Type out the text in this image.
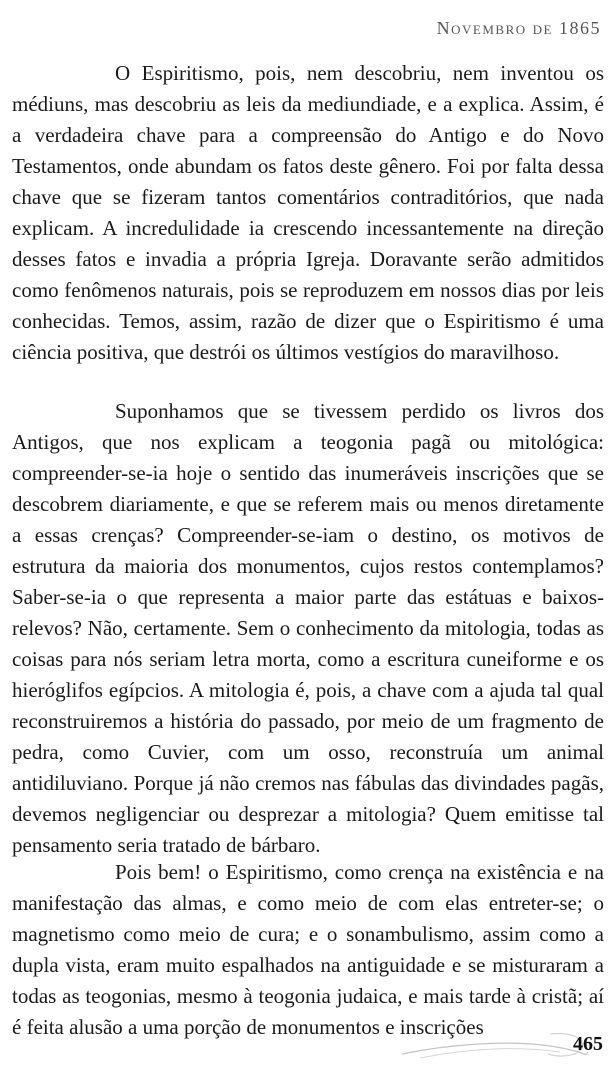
Novembro de 1865

O Espiritismo, pois, nem descobriu, nem inventou os médiuns, mas descobriu as leis da mediundiade, e a explica. Assim, é a verdadeira chave para a compreensão do Antigo e do Novo Testamentos, onde abundam os fatos deste gênero. Foi por falta dessa chave que se fizeram tantos comentários contraditórios, que nada explicam. A incredulidade ia crescendo incessantemente na direção desses fatos e invadia a própria Igreja. Doravante serão admitidos como fenômenos naturais, pois se reproduzem em nossos dias por leis conhecidas. Temos, assim, razão de dizer que o Espiritismo é uma ciência positiva, que destrói os últimos vestígios do maravilhoso.

Suponhamos que se tivessem perdido os livros dos Antigos, que nos explicam a teogonia pagã ou mitológica: compreender-se-ia hoje o sentido das inumeráveis inscrições que se descobrem diariamente, e que se referem mais ou menos diretamente a essas crenças? Compreender-se-iam o destino, os motivos de estrutura da maioria dos monumentos, cujos restos contemplamos? Saber-se-ia o que representa a maior parte das estátuas e baixos-relevos? Não, certamente. Sem o conhecimento da mitologia, todas as coisas para nós seriam letra morta, como a escritura cuneiforme e os hieróglifos egípcios. A mitologia é, pois, a chave com a ajuda tal qual reconstruiremos a história do passado, por meio de um fragmento de pedra, como Cuvier, com um osso, reconstruía um animal antidiluviano. Porque já não cremos nas fábulas das divindades pagãs, devemos negligenciar ou desprezar a mitologia? Quem emitisse tal pensamento seria tratado de bárbaro.

Pois bem! o Espiritismo, como crença na existência e na manifestação das almas, e como meio de com elas entreter-se; o magnetismo como meio de cura; e o sonambulismo, assim como a dupla vista, eram muito espalhados na antiguidade e se misturaram a todas as teogonias, mesmo à teogonia judaica, e mais tarde à cristã; aí é feita alusão a uma porção de monumentos e inscrições

465
